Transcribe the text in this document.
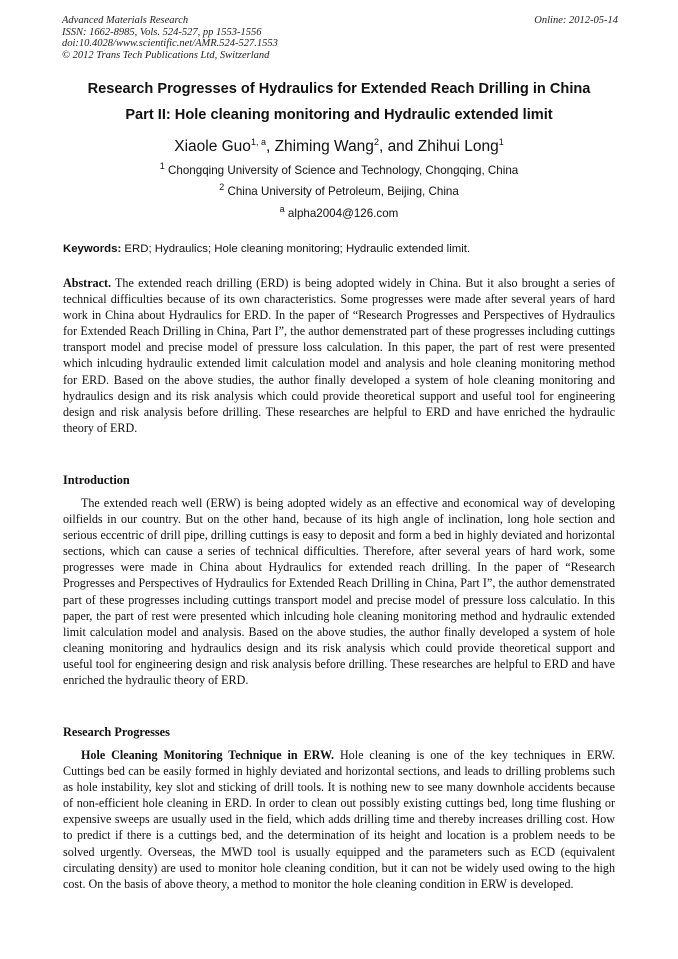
Advanced Materials Research
ISSN: 1662-8985, Vols. 524-527, pp 1553-1556
doi:10.4028/www.scientific.net/AMR.524-527.1553
© 2012 Trans Tech Publications Ltd, Switzerland
Online: 2012-05-14
Research Progresses of Hydraulics for Extended Reach Drilling in China
Part II: Hole cleaning monitoring and Hydraulic extended limit
Xiaole Guo$^{1, a}$, Zhiming Wang$^2$, and Zhihui Long$^1$
$^1$ Chongqing University of Science and Technology, Chongqing, China
$^2$ China University of Petroleum, Beijing, China
$^a$ alpha2004@126.com
Keywords: ERD; Hydraulics; Hole cleaning monitoring; Hydraulic extended limit.
Abstract. The extended reach drilling (ERD) is being adopted widely in China. But it also brought a series of technical difficulties because of its own characteristics. Some progresses were made after several years of hard work in China about Hydraulics for ERD. In the paper of “Research Progresses and Perspectives of Hydraulics for Extended Reach Drilling in China, Part I”, the author demenstrated part of these progresses including cuttings transport model and precise model of pressure loss calculation. In this paper, the part of rest were presented which inlcuding hydraulic extended limit calculation model and analysis and hole cleaning monitoring method for ERD. Based on the above studies, the author finally developed a system of hole cleaning monitoring and hydraulics design and its risk analysis which could provide theoretical support and useful tool for engineering design and risk analysis before drilling. These researches are helpful to ERD and have enriched the hydraulic theory of ERD.
Introduction
The extended reach well (ERW) is being adopted widely as an effective and economical way of developing oilfields in our country. But on the other hand, because of its high angle of inclination, long hole section and serious eccentric of drill pipe, drilling cuttings is easy to deposit and form a bed in highly deviated and horizontal sections, which can cause a series of technical difficulties. Therefore, after several years of hard work, some progresses were made in China about Hydraulics for extended reach drilling. In the paper of “Research Progresses and Perspectives of Hydraulics for Extended Reach Drilling in China, Part I”, the author demenstrated part of these progresses including cuttings transport model and precise model of pressure loss calculatio. In this paper, the part of rest were presented which inlcuding hole cleaning monitoring method and hydraulic extended limit calculation model and analysis. Based on the above studies, the author finally developed a system of hole cleaning monitoring and hydraulics design and its risk analysis which could provide theoretical support and useful tool for engineering design and risk analysis before drilling. These researches are helpful to ERD and have enriched the hydraulic theory of ERD.
Research Progresses
Hole Cleaning Monitoring Technique in ERW. Hole cleaning is one of the key techniques in ERW. Cuttings bed can be easily formed in highly deviated and horizontal sections, and leads to drilling problems such as hole instability, key slot and sticking of drill tools. It is nothing new to see many downhole accidents because of non-efficient hole cleaning in ERD. In order to clean out possibly existing cuttings bed, long time flushing or expensive sweeps are usually used in the field, which adds drilling time and thereby increases drilling cost. How to predict if there is a cuttings bed, and the determination of its height and location is a problem needs to be solved urgently. Overseas, the MWD tool is usually equipped and the parameters such as ECD (equivalent circulating density) are used to monitor hole cleaning condition, but it can not be widely used owing to the high cost. On the basis of above theory, a method to monitor the hole cleaning condition in ERW is developed.
